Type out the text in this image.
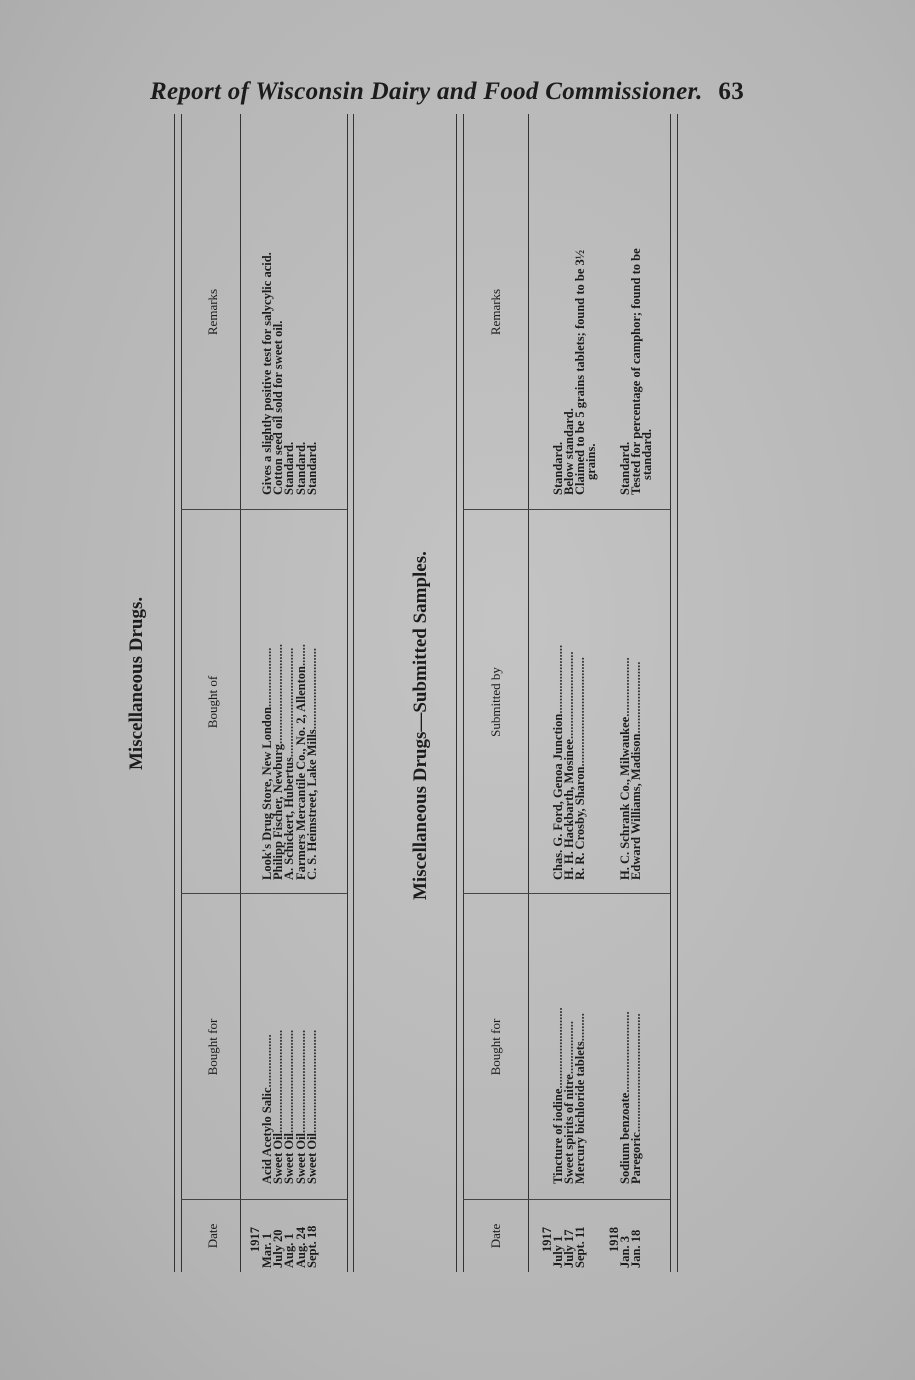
Report of Wisconsin Dairy and Food Commissioner. 63
Miscellaneous Drugs.
Date
Bought for
Bought of
Remarks
1917
Mar. 1
July 20
Aug. 1
Aug. 24
Sept. 18
Acid Acetylo Salic.................
Sweet Oil.................................
Sweet Oil.................................
Sweet Oil.................................
Sweet Oil.................................
Look's Drug Store, New London...................
Philipp Fischer, Newburg................................
A. Schickert, Hubertus...................................
Farmers Mercantile Co., No. 2, Allenton.......
C. S. Heimstreet, Lake Mills..........................
Gives a slightly positive test for salycylic acid.
Cotton seed oil sold for sweet oil.
Standard.
Standard.
Standard.
Miscellaneous Drugs—Submitted Samples.
Date
Bought for
Submitted by
Remarks
1917
July 1
July 17
Sept. 11
Tincture of iodine..........................
Sweet spirits of nitre.................
Mercury bichloride tablets.........
Chas. G. Ford, Genoa Junction......................
H. H. Hackbarth, Mosinee............................
R. R. Crosby, Sharon...................................
Standard.
Below standard.
Claimed to be 5 grains tablets; found to be 3½
grains.
1918
Jan. 3
Jan. 18
Sodium benzoate..........................
Paregoric......................................
H. C. Schrank Co., Milwaukee...................
Edward Williams, Madison.......................
Standard.
Tested for percentage of camphor; found to be
standard.
